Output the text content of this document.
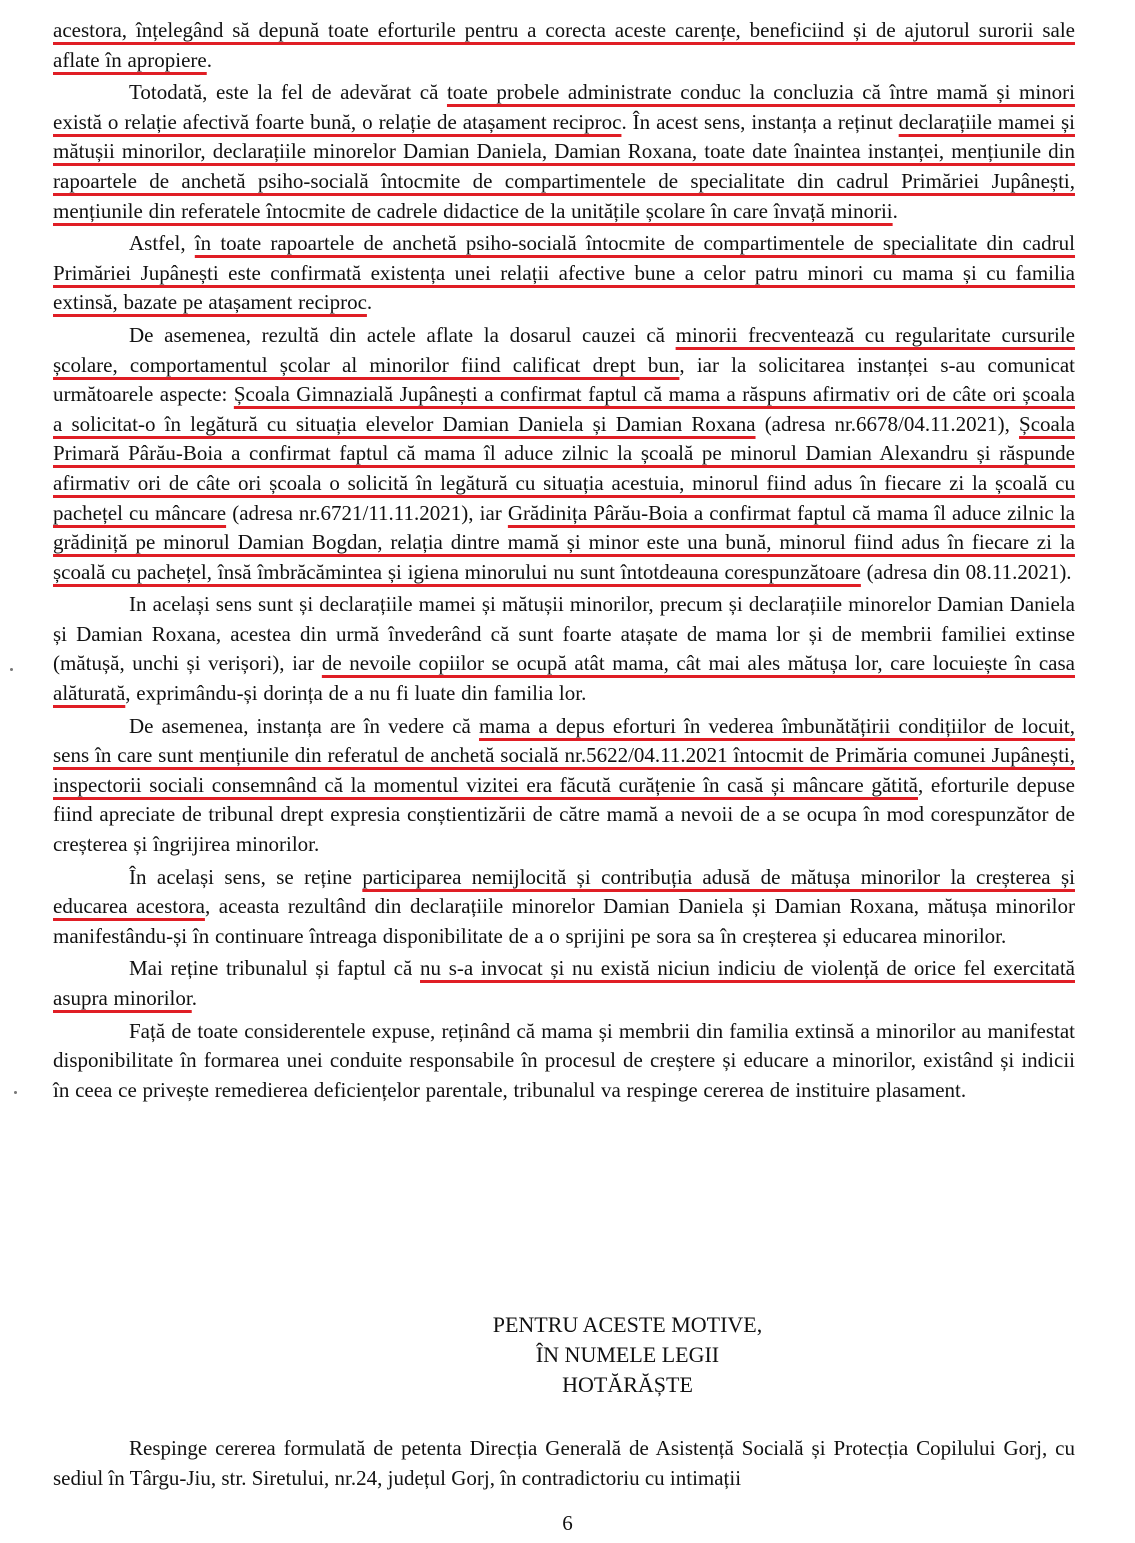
acestora, înțelegând să depună toate eforturile pentru a corecta aceste carențe, beneficiind și de ajutorul surorii sale aflate în apropiere.

Totodată, este la fel de adevărat că toate probele administrate conduc la concluzia că între mamă și minori există o relație afectivă foarte bună, o relație de atașament reciproc. În acest sens, instanța a reținut declarațiile mamei și mătușii minorilor, declarațiile minorelor Damian Daniela, Damian Roxana, toate date înaintea instanței, mențiunile din rapoartele de anchetă psiho-socială întocmite de compartimentele de specialitate din cadrul Primăriei Jupânești, mențiunile din referatele întocmite de cadrele didactice de la unitățile școlare în care învață minorii.

Astfel, în toate rapoartele de anchetă psiho-socială întocmite de compartimentele de specialitate din cadrul Primăriei Jupânești este confirmată existența unei relații afective bune a celor patru minori cu mama și cu familia extinsă, bazate pe atașament reciproc.

De asemenea, rezultă din actele aflate la dosarul cauzei că minorii frecventează cu regularitate cursurile școlare, comportamentul școlar al minorilor fiind calificat drept bun, iar la solicitarea instanței s-au comunicat următoarele aspecte: Școala Gimnazială Jupânești a confirmat faptul că mama a răspuns afirmativ ori de câte ori școala a solicitat-o în legătură cu situația elevelor Damian Daniela și Damian Roxana (adresa nr.6678/04.11.2021), Școala Primară Pârău-Boia a confirmat faptul că mama îl aduce zilnic la școală pe minorul Damian Alexandru și răspunde afirmativ ori de câte ori școala o solicită în legătură cu situația acestuia, minorul fiind adus în fiecare zi la școală cu pachețel cu mâncare (adresa nr.6721/11.11.2021), iar Grădinița Pârău-Boia a confirmat faptul că mama îl aduce zilnic la grădiniță pe minorul Damian Bogdan, relația dintre mamă și minor este una bună, minorul fiind adus în fiecare zi la școală cu pachețel, însă îmbrăcămintea și igiena minorului nu sunt întotdeauna corespunzătoare (adresa din 08.11.2021).

In același sens sunt și declarațiile mamei și mătușii minorilor, precum și declarațiile minorelor Damian Daniela și Damian Roxana, acestea din urmă învederând că sunt foarte atașate de mama lor și de membrii familiei extinse (mătușă, unchi și verișori), iar de nevoile copiilor se ocupă atât mama, cât mai ales mătușa lor, care locuiește în casa alăturată, exprimându-și dorința de a nu fi luate din familia lor.

De asemenea, instanța are în vedere că mama a depus eforturi în vederea îmbunătățirii condițiilor de locuit, sens în care sunt mențiunile din referatul de anchetă socială nr.5622/04.11.2021 întocmit de Primăria comunei Jupânești, inspectorii sociali consemnând că la momentul vizitei era făcută curățenie în casă și mâncare gătită, eforturile depuse fiind apreciate de tribunal drept expresia conștientizării de către mamă a nevoii de a se ocupa în mod corespunzător de creșterea și îngrijirea minorilor.

În același sens, se reține participarea nemijlocită și contribuția adusă de mătușa minorilor la creșterea și educarea acestora, aceasta rezultând din declarațiile minorelor Damian Daniela și Damian Roxana, mătușa minorilor manifestându-și în continuare întreaga disponibilitate de a o sprijini pe sora sa în creșterea și educarea minorilor.

Mai reține tribunalul și faptul că nu s-a invocat și nu există niciun indiciu de violență de orice fel exercitată asupra minorilor.

Față de toate considerentele expuse, reținând că mama și membrii din familia extinsă a minorilor au manifestat disponibilitate în formarea unei conduite responsabile în procesul de creștere și educare a minorilor, existând și indicii în ceea ce privește remedierea deficiențelor parentale, tribunalul va respinge cererea de instituire plasament.

PENTRU ACESTE MOTIVE,
ÎN NUMELE LEGII
HOTĂRĂȘTE

Respinge cererea formulată de petenta Direcția Generală de Asistență Socială și Protecția Copilului Gorj, cu sediul în Târgu-Jiu, str. Siretului, nr.24, județul Gorj, în contradictoriu cu intimații

6
